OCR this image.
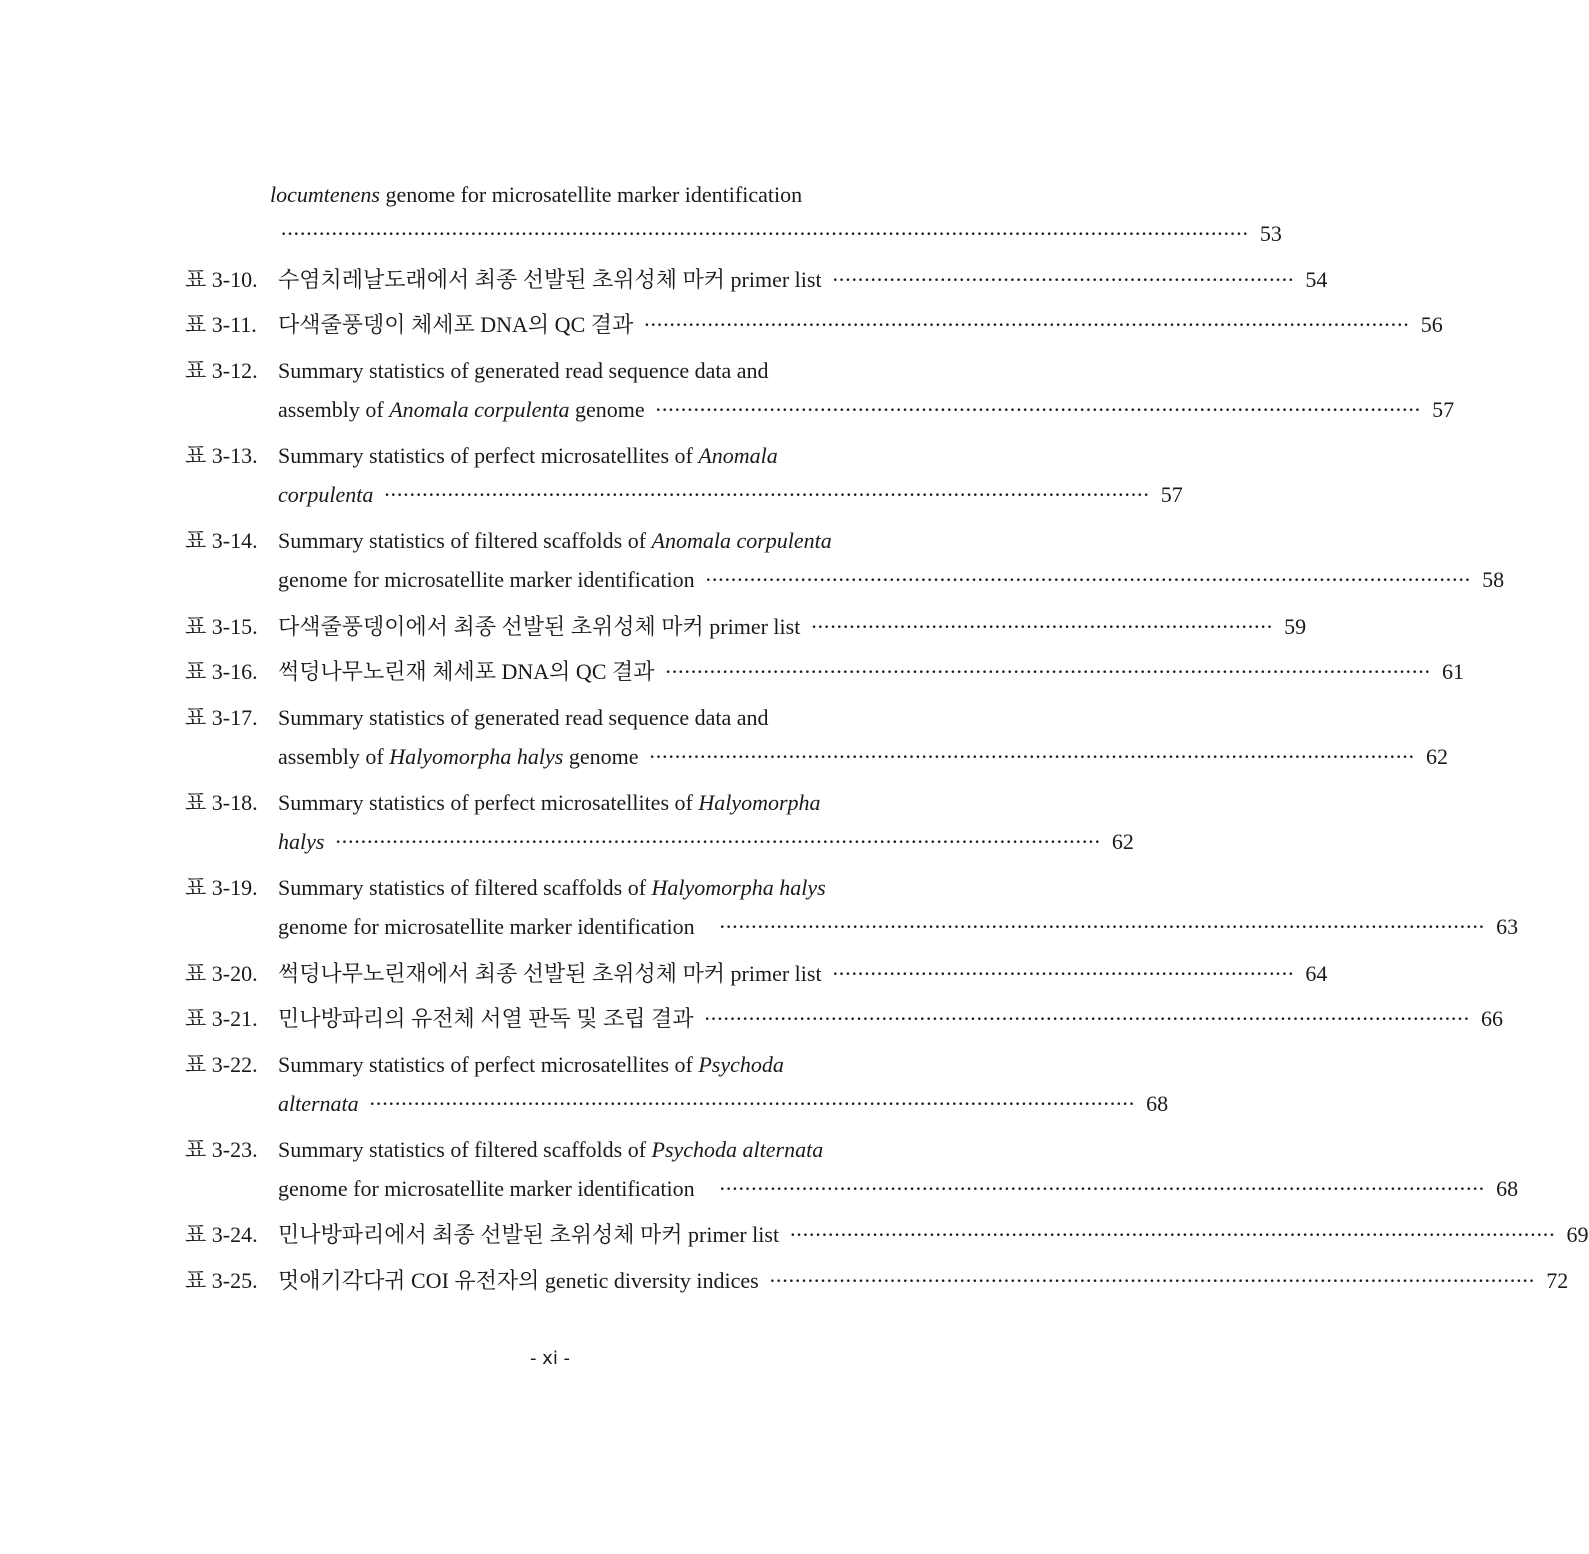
locumtenens genome for microsatellite marker identification
························································································································································· 53
표 3-10. 수염치레날도래에서 최종 선발된 초위성체 마커 primer list ········································································· 54
표 3-11. 다색줄풍뎅이 체세포 DNA의 QC 결과 ························································································································· 56
표 3-12. Summary statistics of generated read sequence data and
assembly of Anomala corpulenta genome ························································································································· 57
표 3-13. Summary statistics of perfect microsatellites of Anomala
corpulenta ························································································································· 57
표 3-14. Summary statistics of filtered scaffolds of Anomala corpulenta
genome for microsatellite marker identification ························································································································· 58
표 3-15. 다색줄풍뎅이에서 최종 선발된 초위성체 마커 primer list ········································································· 59
표 3-16. 썩덩나무노린재 체세포 DNA의 QC 결과 ························································································································· 61
표 3-17. Summary statistics of generated read sequence data and
assembly of Halyomorpha halys genome ························································································································· 62
표 3-18. Summary statistics of perfect microsatellites of Halyomorpha
halys ························································································································· 62
표 3-19. Summary statistics of filtered scaffolds of Halyomorpha halys
genome for microsatellite marker identification ························································································································· 63
표 3-20. 썩덩나무노린재에서 최종 선발된 초위성체 마커 primer list ········································································· 64
표 3-21. 민나방파리의 유전체 서열 판독 및 조립 결과 ························································································································· 66
표 3-22. Summary statistics of perfect microsatellites of Psychoda
alternata ························································································································· 68
표 3-23. Summary statistics of filtered scaffolds of Psychoda alternata
genome for microsatellite marker identification ························································································································· 68
표 3-24. 민나방파리에서 최종 선발된 초위성체 마커 primer list ························································································································· 69
표 3-25. 멋애기각다귀 COI 유전자의 genetic diversity indices ························································································································· 72
- xi -
